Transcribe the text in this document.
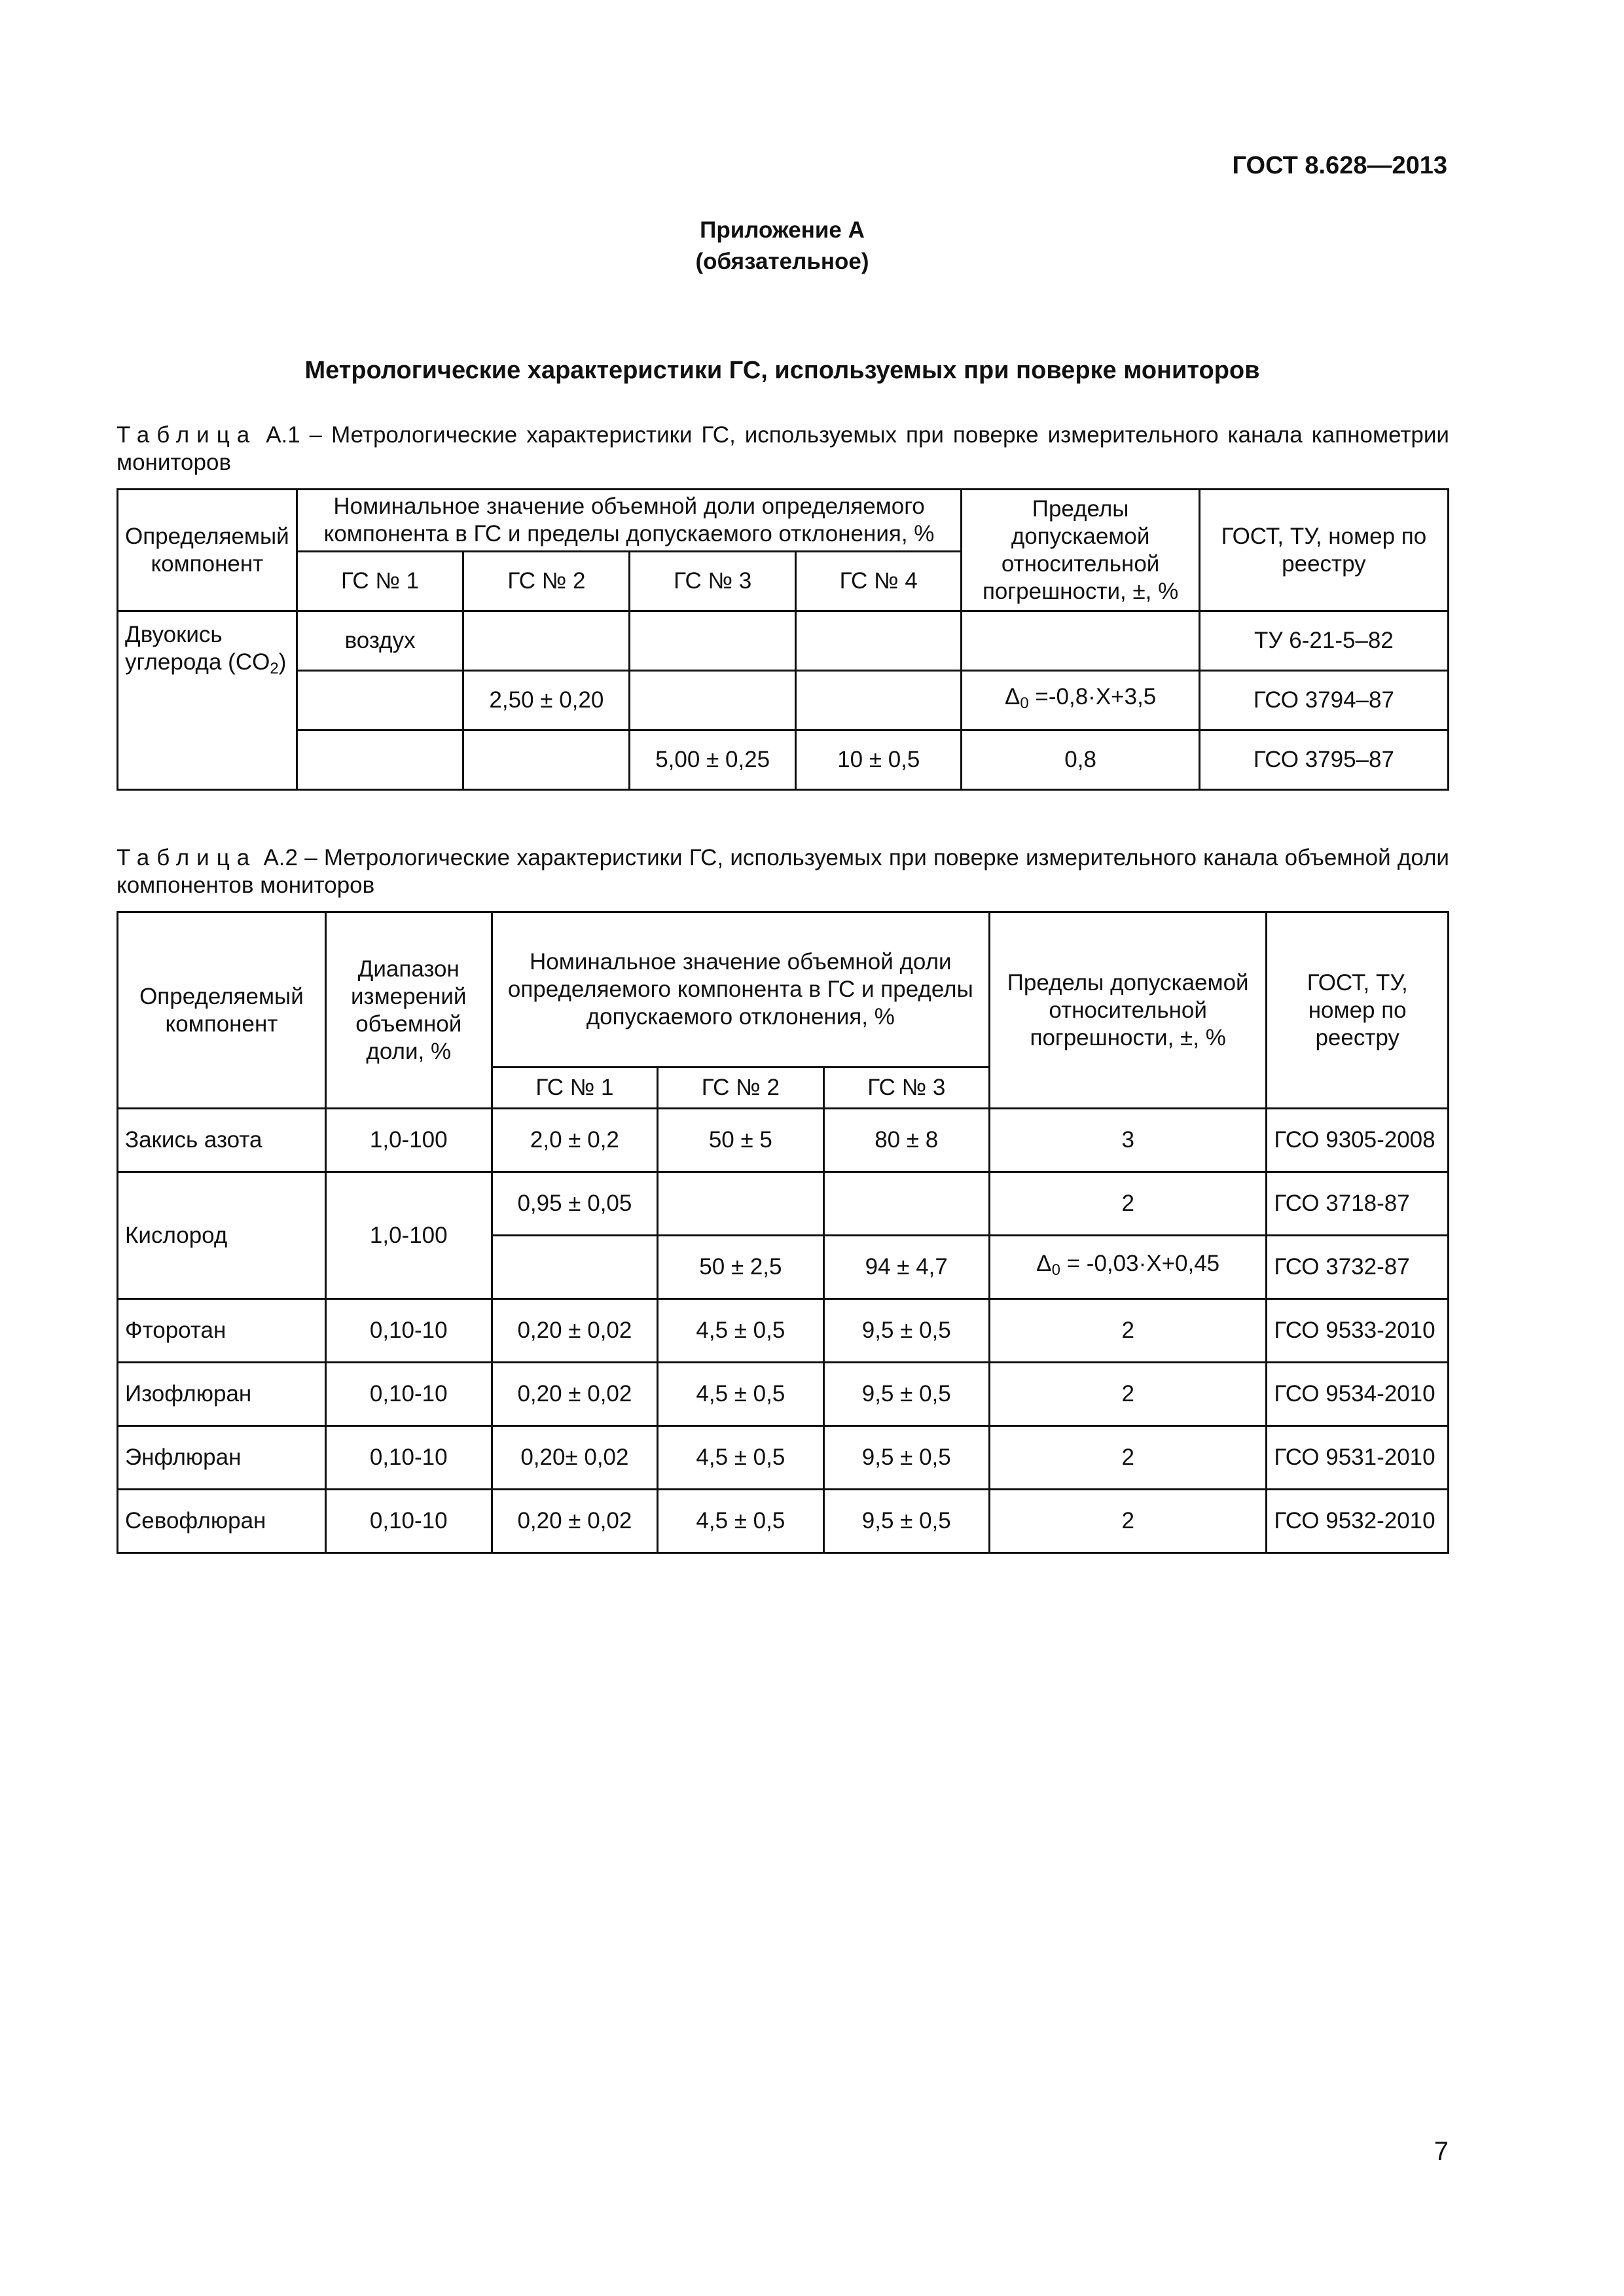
ГОСТ 8.628—2013
Приложение А
(обязательное)
Метрологические характеристики ГС, используемых при поверке мониторов
Таблица А.1 – Метрологические характеристики ГС, используемых при поверке измерительного канала капнометрии мониторов
Определяемый компонент	Номинальное значение объемной доли определяемого компонента в ГС и пределы допускаемого отклонения, %				Пределы допускаемой относительной погрешности, ±, %	ГОСТ, ТУ, номер по реестру
	ГС № 1	ГС № 2	ГС № 3	ГС № 4		
Двуокись углерода $(CO_2)$	воздух					ТУ 6-21-5–82
		2,50 ± 0,20			$\Delta_0 =-0,8\cdot X+3,5$	ГСО 3794–87
			5,00 ± 0,25	10 ± 0,5	0,8	ГСО 3795–87
Таблица А.2 – Метрологические характеристики ГС, используемых при поверке измерительного канала объемной доли компонентов мониторов
Определяемый компонент	Диапазон измерений объемной доли, %	Номинальное значение объемной доли определяемого компонента в ГС и пределы допускаемого отклонения, %			Пределы допускаемой относительной погрешности, ±, %	ГОСТ, ТУ, номер по реестру
		ГС № 1	ГС № 2	ГС № 3		
Закись азота	1,0-100	2,0 ± 0,2	50 ± 5	80 ± 8	3	ГСО 9305-2008
Кислород	1,0-100	0,95 ± 0,05			2	ГСО 3718-87
			50 ± 2,5	94 ± 4,7	$\Delta_0 = -0,03\cdot X+0,45$	ГСО 3732-87
Фторотан	0,10-10	0,20 ± 0,02	4,5 ± 0,5	9,5 ± 0,5	2	ГСО 9533-2010
Изофлюран	0,10-10	0,20 ± 0,02	4,5 ± 0,5	9,5 ± 0,5	2	ГСО 9534-2010
Энфлюран	0,10-10	0,20± 0,02	4,5 ± 0,5	9,5 ± 0,5	2	ГСО 9531-2010
Севофлюран	0,10-10	0,20 ± 0,02	4,5 ± 0,5	9,5 ± 0,5	2	ГСО 9532-2010
7
